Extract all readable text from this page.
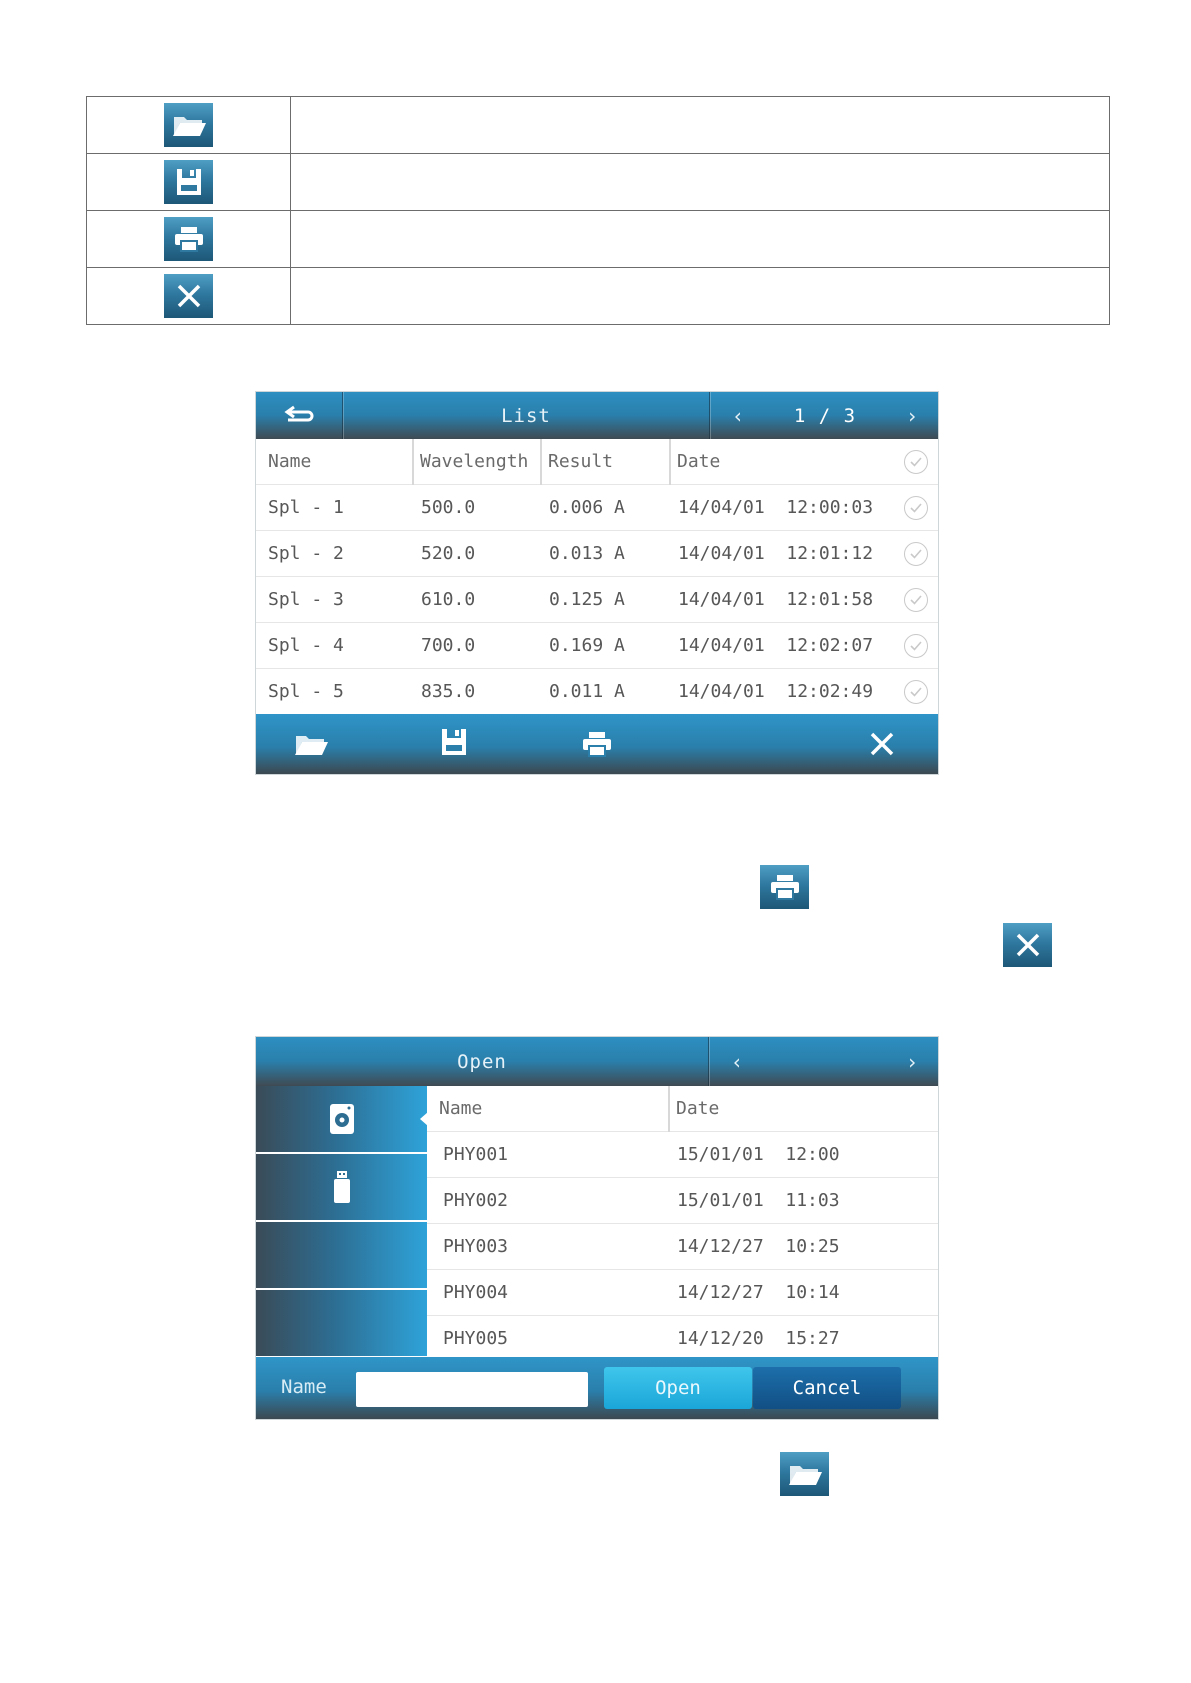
List	‹	1 / 3 ›
Name	Wavelength	Result	Date	

Spl - 1	500.0	0.006 A	14/04/01  12:00:03	

Spl - 2	520.0	0.013 A	14/04/01  12:01:12	

Spl - 3	610.0	0.125 A	14/04/01  12:01:58	

Spl - 4	700.0	0.169 A	14/04/01  12:02:07	

Spl - 5	835.0	0.011 A	14/04/01  12:02:49	
Open	‹	›
Name	Date
PHY001	15/01/01  12:00
PHY002	15/01/01  11:03
PHY003	14/12/27  10:25
PHY004	14/12/27  10:14
PHY005	14/12/20  15:27
Name	Open	Cancel
